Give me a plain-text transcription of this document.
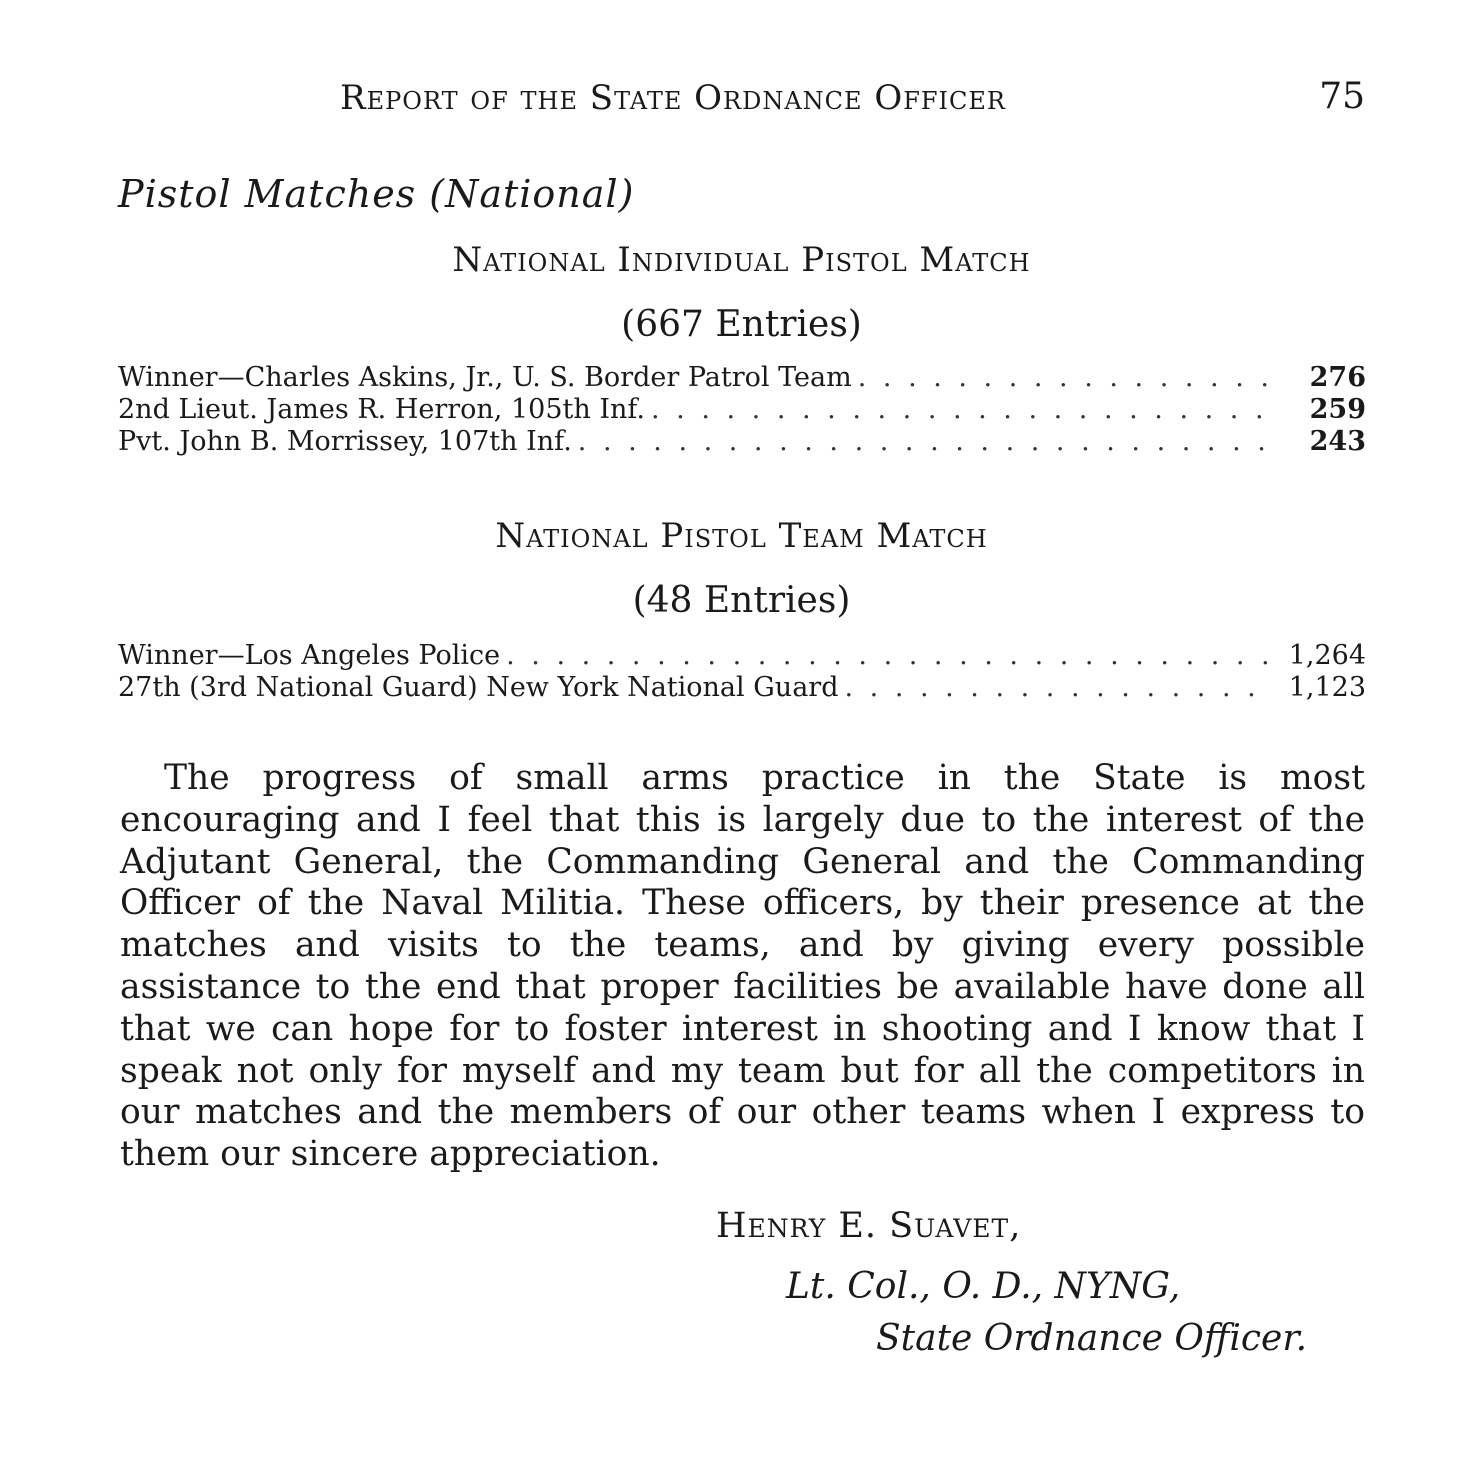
Report of the State Ordnance Officer	75
Pistol Matches (National)
National Individual Pistol Match
(667 Entries)
Winner—Charles Askins, Jr., U. S. Border Patrol Team . . .	276
2nd Lieut. James R. Herron, 105th Inf. . . .	259
Pvt. John B. Morrissey, 107th Inf. . . .	243
National Pistol Team Match
(48 Entries)
Winner—Los Angeles Police . . .	1,264
27th (3rd National Guard) New York National Guard . . .	1,123

The progress of small arms practice in the State is most encouraging and I feel that this is largely due to the interest of the Adjutant General, the Commanding General and the Commanding Officer of the Naval Militia. These officers, by their presence at the matches and visits to the teams, and by giving every possible assistance to the end that proper facilities be available have done all that we can hope for to foster interest in shooting and I know that I speak not only for myself and my team but for all the competitors in our matches and the members of our other teams when I express to them our sincere appreciation.

Henry E. Suavet,
Lt. Col., O. D., NYNG,
State Ordnance Officer.
